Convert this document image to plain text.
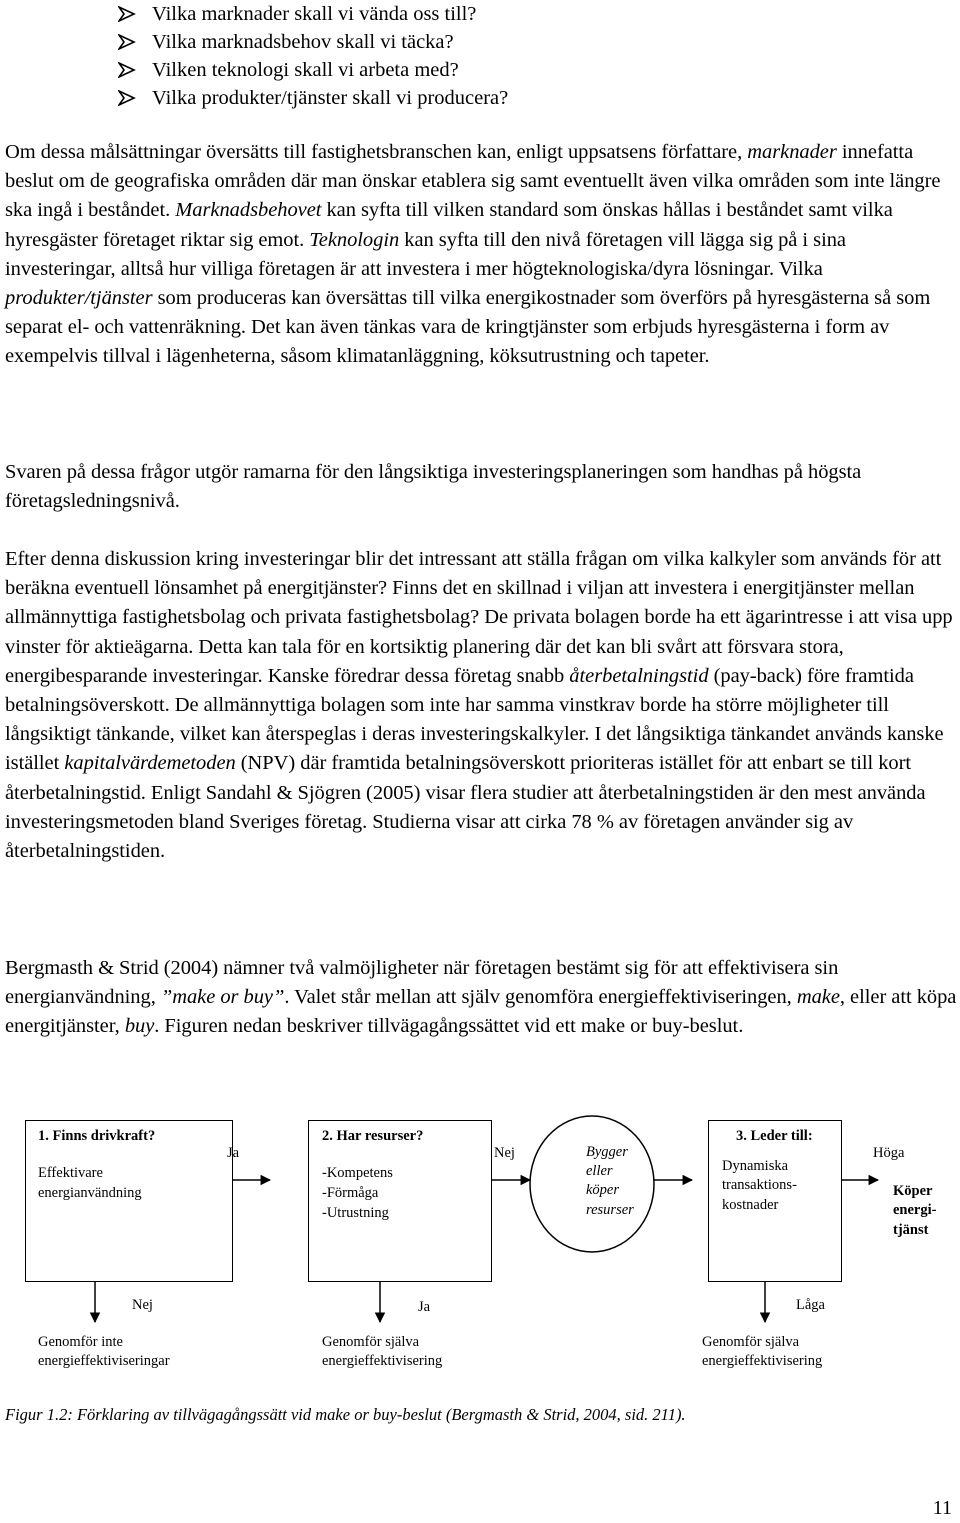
Vilka marknader skall vi vända oss till?
Vilka marknadsbehov skall vi täcka?
Vilken teknologi skall vi arbeta med?
Vilka produkter/tjänster skall vi producera?

Om dessa målsättningar översätts till fastighetsbranschen kan, enligt uppsatsens författare, marknader innefatta beslut om de geografiska områden där man önskar etablera sig samt eventuellt även vilka områden som inte längre ska ingå i beståndet. Marknadsbehovet kan syfta till vilken standard som önskas hållas i beståndet samt vilka hyresgäster företaget riktar sig emot. Teknologin kan syfta till den nivå företagen vill lägga sig på i sina investeringar, alltså hur villiga företagen är att investera i mer högteknologiska/dyra lösningar. Vilka produkter/tjänster som produceras kan översättas till vilka energikostnader som överförs på hyresgästerna så som separat el- och vattenräkning. Det kan även tänkas vara de kringtjänster som erbjuds hyresgästerna i form av exempelvis tillval i lägenheterna, såsom klimatanläggning, köksutrustning och tapeter.

Svaren på dessa frågor utgör ramarna för den långsiktiga investeringsplaneringen som handhas på högsta företagsledningsnivå.

Efter denna diskussion kring investeringar blir det intressant att ställa frågan om vilka kalkyler som används för att beräkna eventuell lönsamhet på energitjänster? Finns det en skillnad i viljan att investera i energitjänster mellan allmännyttiga fastighetsbolag och privata fastighetsbolag? De privata bolagen borde ha ett ägarintresse i att visa upp vinster för aktieägarna. Detta kan tala för en kortsiktig planering där det kan bli svårt att försvara stora, energibesparande investeringar. Kanske föredrar dessa företag snabb återbetalningstid (pay-back) före framtida betalningsöverskott. De allmännyttiga bolagen som inte har samma vinstkrav borde ha större möjligheter till långsiktigt tänkande, vilket kan återspeglas i deras investeringskalkyler. I det långsiktiga tänkandet används kanske istället kapitalvärdemetoden (NPV) där framtida betalningsöverskott prioriteras istället för att enbart se till kort återbetalningstid. Enligt Sandahl & Sjögren (2005) visar flera studier att återbetalningstiden är den mest använda investeringsmetoden bland Sveriges företag. Studierna visar att cirka 78 % av företagen använder sig av återbetalningstiden.

Bergmasth & Strid (2004) nämner två valmöjligheter när företagen bestämt sig för att effektivisera sin energianvändning, ”make or buy”. Valet står mellan att själv genomföra energieffektiviseringen, make, eller att köpa energitjänster, buy. Figuren nedan beskriver tillvägagångssättet vid ett make or buy-beslut.

1. Finns drivkraft?
Effektivare
energianvändning
2. Har resurser?
-Kompetens
-Förmåga
-Utrustning
Bygger
eller
köper
resurser
3. Leder till:
Dynamiska
transaktions-
kostnader
Köper
energi-
tjänst
Ja	Nej	Höga
Nej	Ja	Låga
Genomför inte
energieffektiviseringar
Genomför själva
energieffektivisering
Genomför själva
energieffektivisering
Figur 1.2: Förklaring av tillvägagångssätt vid make or buy-beslut (Bergmasth & Strid, 2004, sid. 211).
11
